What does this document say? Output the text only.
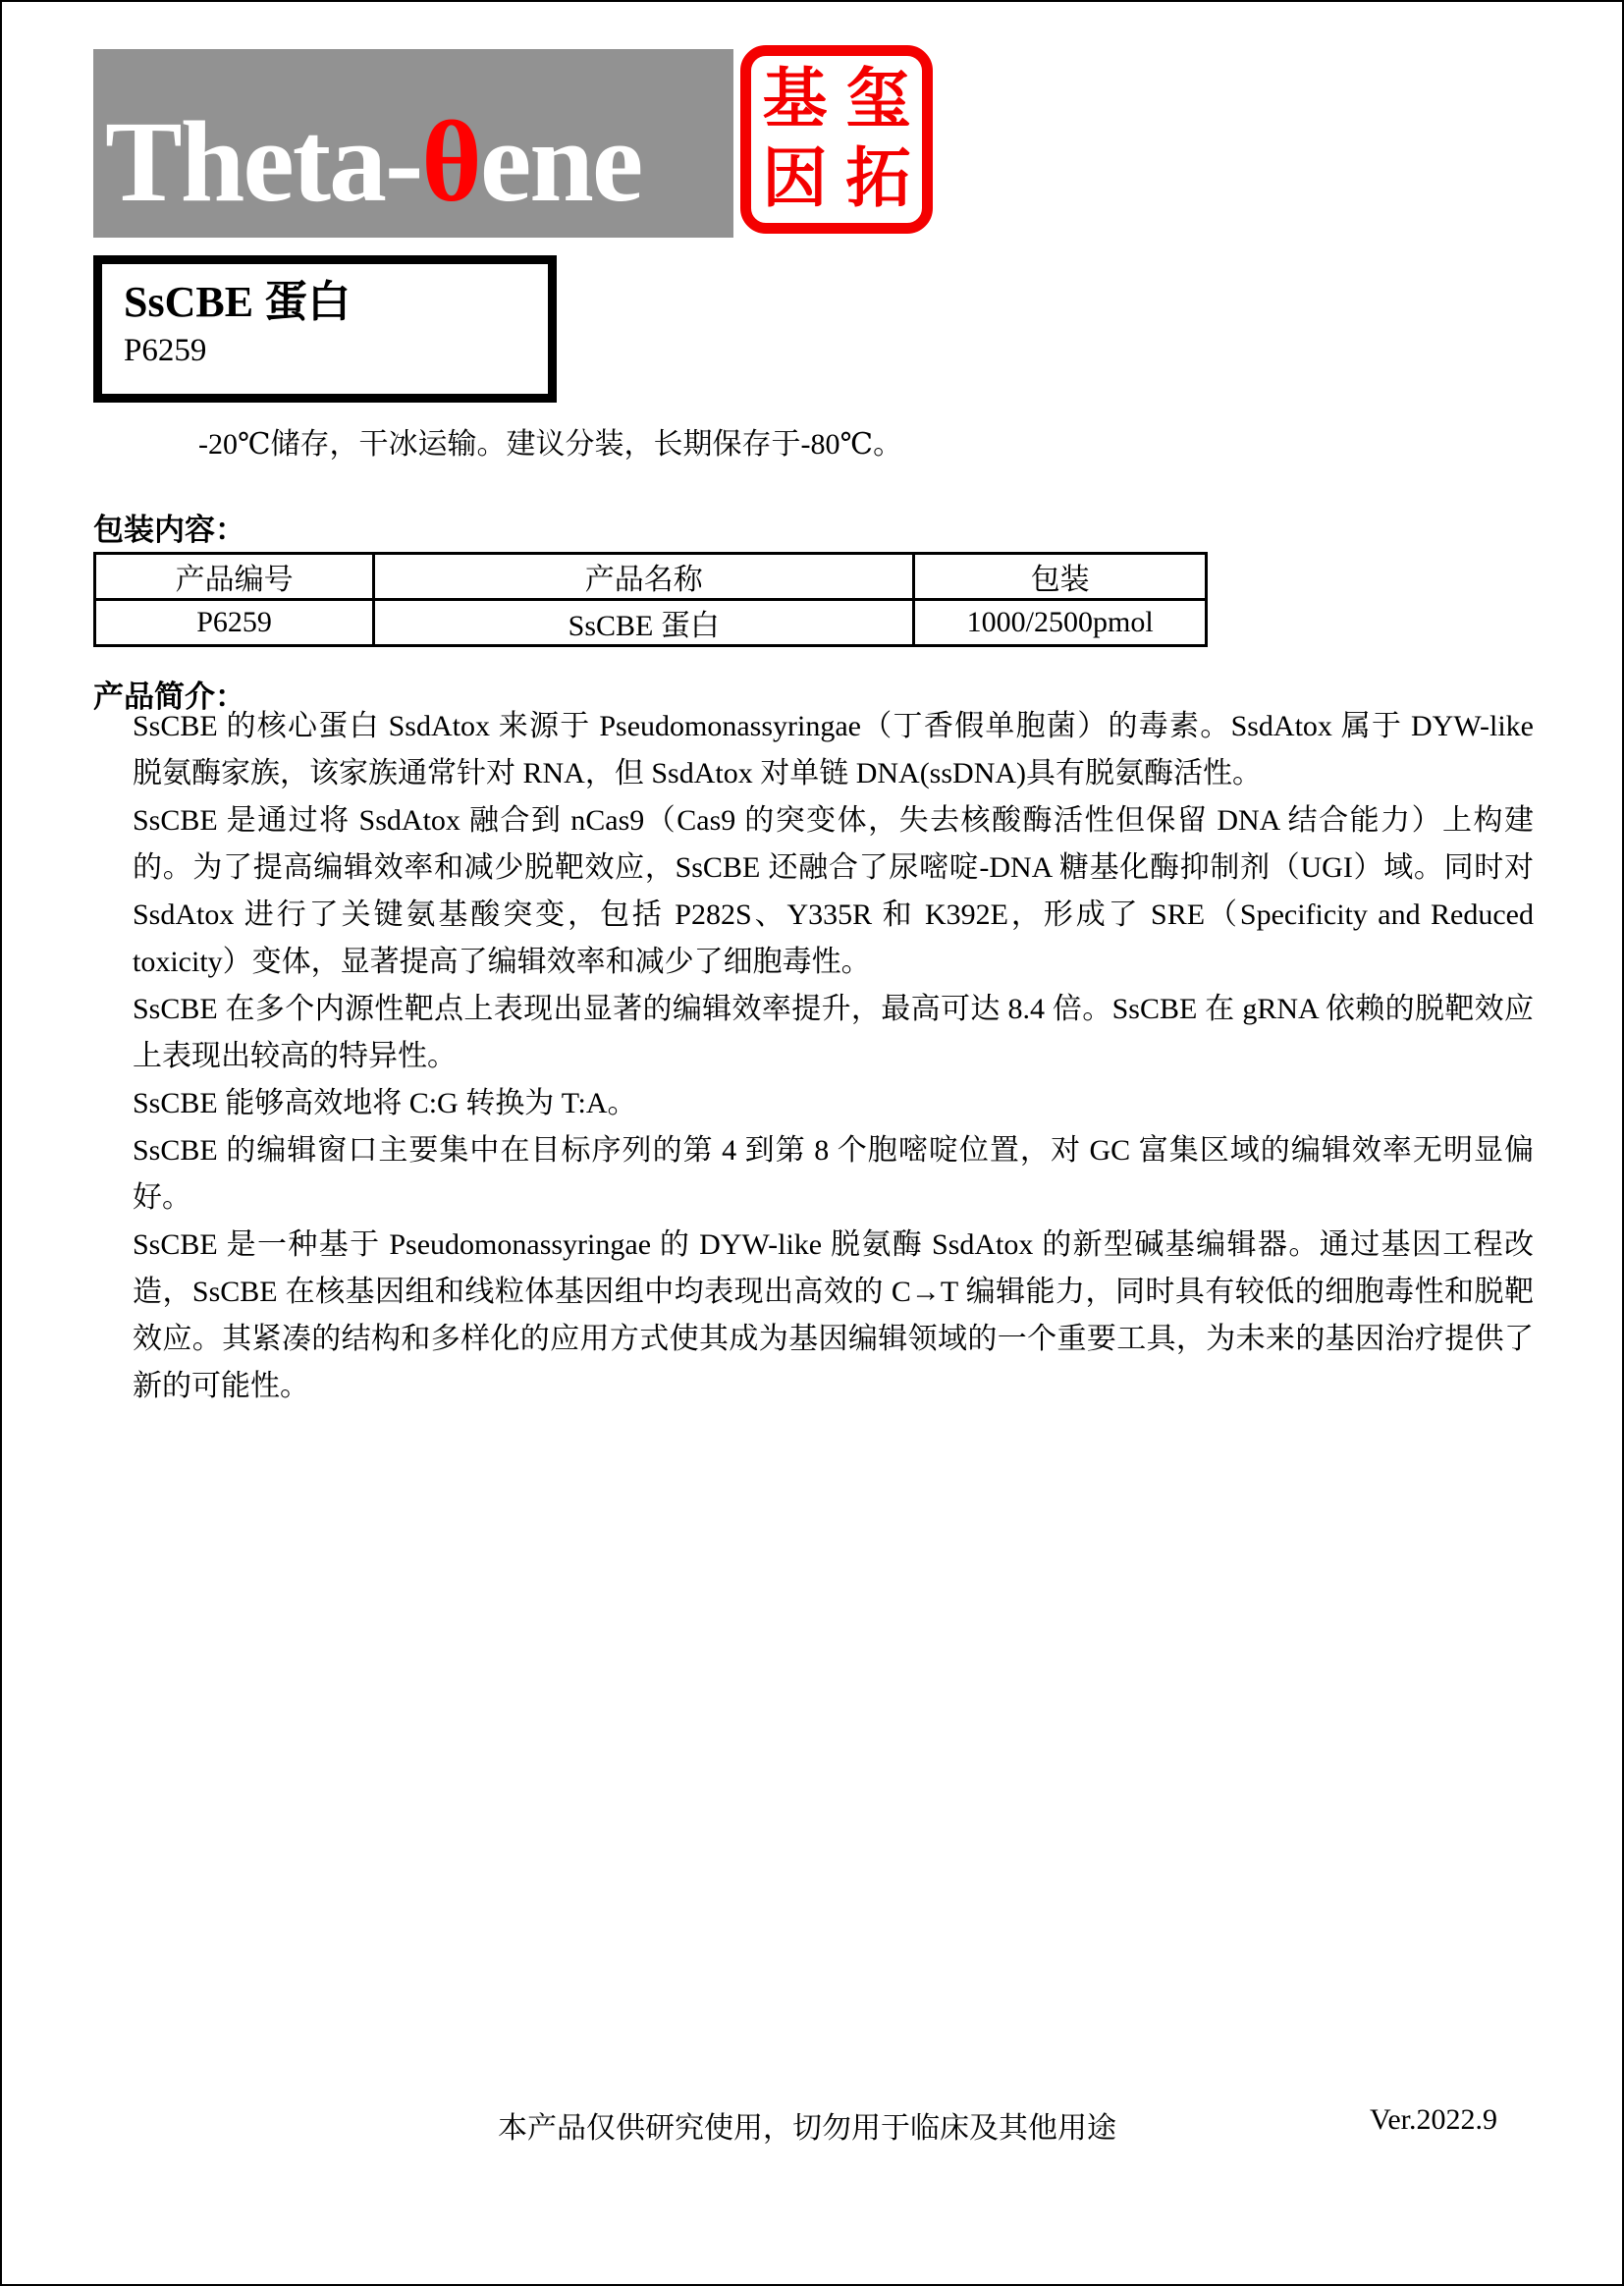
Theta-θene 基 玺
因 拓
SsCBE 蛋白
P6259
-20℃储存，干冰运输。建议分装，长期保存于-80℃。
包装内容：
产品编号	产品名称	包装
P6259	SsCBE 蛋白	1000/2500pmol
产品简介：

SsCBE 的核心蛋白 SsdAtox 来源于 Pseudomonassyringae（丁香假单胞菌）的毒素。SsdAtox 属于 DYW-like 脱氨酶家族，该家族通常针对 RNA，但 SsdAtox 对单链 DNA(ssDNA)具有脱氨酶活性。

SsCBE 是通过将 SsdAtox 融合到 nCas9（Cas9 的突变体，失去核酸酶活性但保留 DNA 结合能力）上构建的。为了提高编辑效率和减少脱靶效应，SsCBE 还融合了尿嘧啶-DNA 糖基化酶抑制剂（UGI）域。同时对 SsdAtox 进行了关键氨基酸突变，包括 P282S、Y335R 和 K392E，形成了 SRE（Specificity and Reduced toxicity）变体，显著提高了编辑效率和减少了细胞毒性。

SsCBE 在多个内源性靶点上表现出显著的编辑效率提升，最高可达 8.4 倍。SsCBE 在 gRNA 依赖的脱靶效应上表现出较高的特异性。

SsCBE 能够高效地将 C:G 转换为 T:A。

SsCBE 的编辑窗口主要集中在目标序列的第 4 到第 8 个胞嘧啶位置，对 GC 富集区域的编辑效率无明显偏好。

SsCBE 是一种基于 Pseudomonassyringae 的 DYW-like 脱氨酶 SsdAtox 的新型碱基编辑器。通过基因工程改造，SsCBE 在核基因组和线粒体基因组中均表现出高效的 C→T 编辑能力，同时具有较低的细胞毒性和脱靶效应。其紧凑的结构和多样化的应用方式使其成为基因编辑领域的一个重要工具，为未来的基因治疗提供了新的可能性。

本产品仅供研究使用，切勿用于临床及其他用途	Ver.2022.9
